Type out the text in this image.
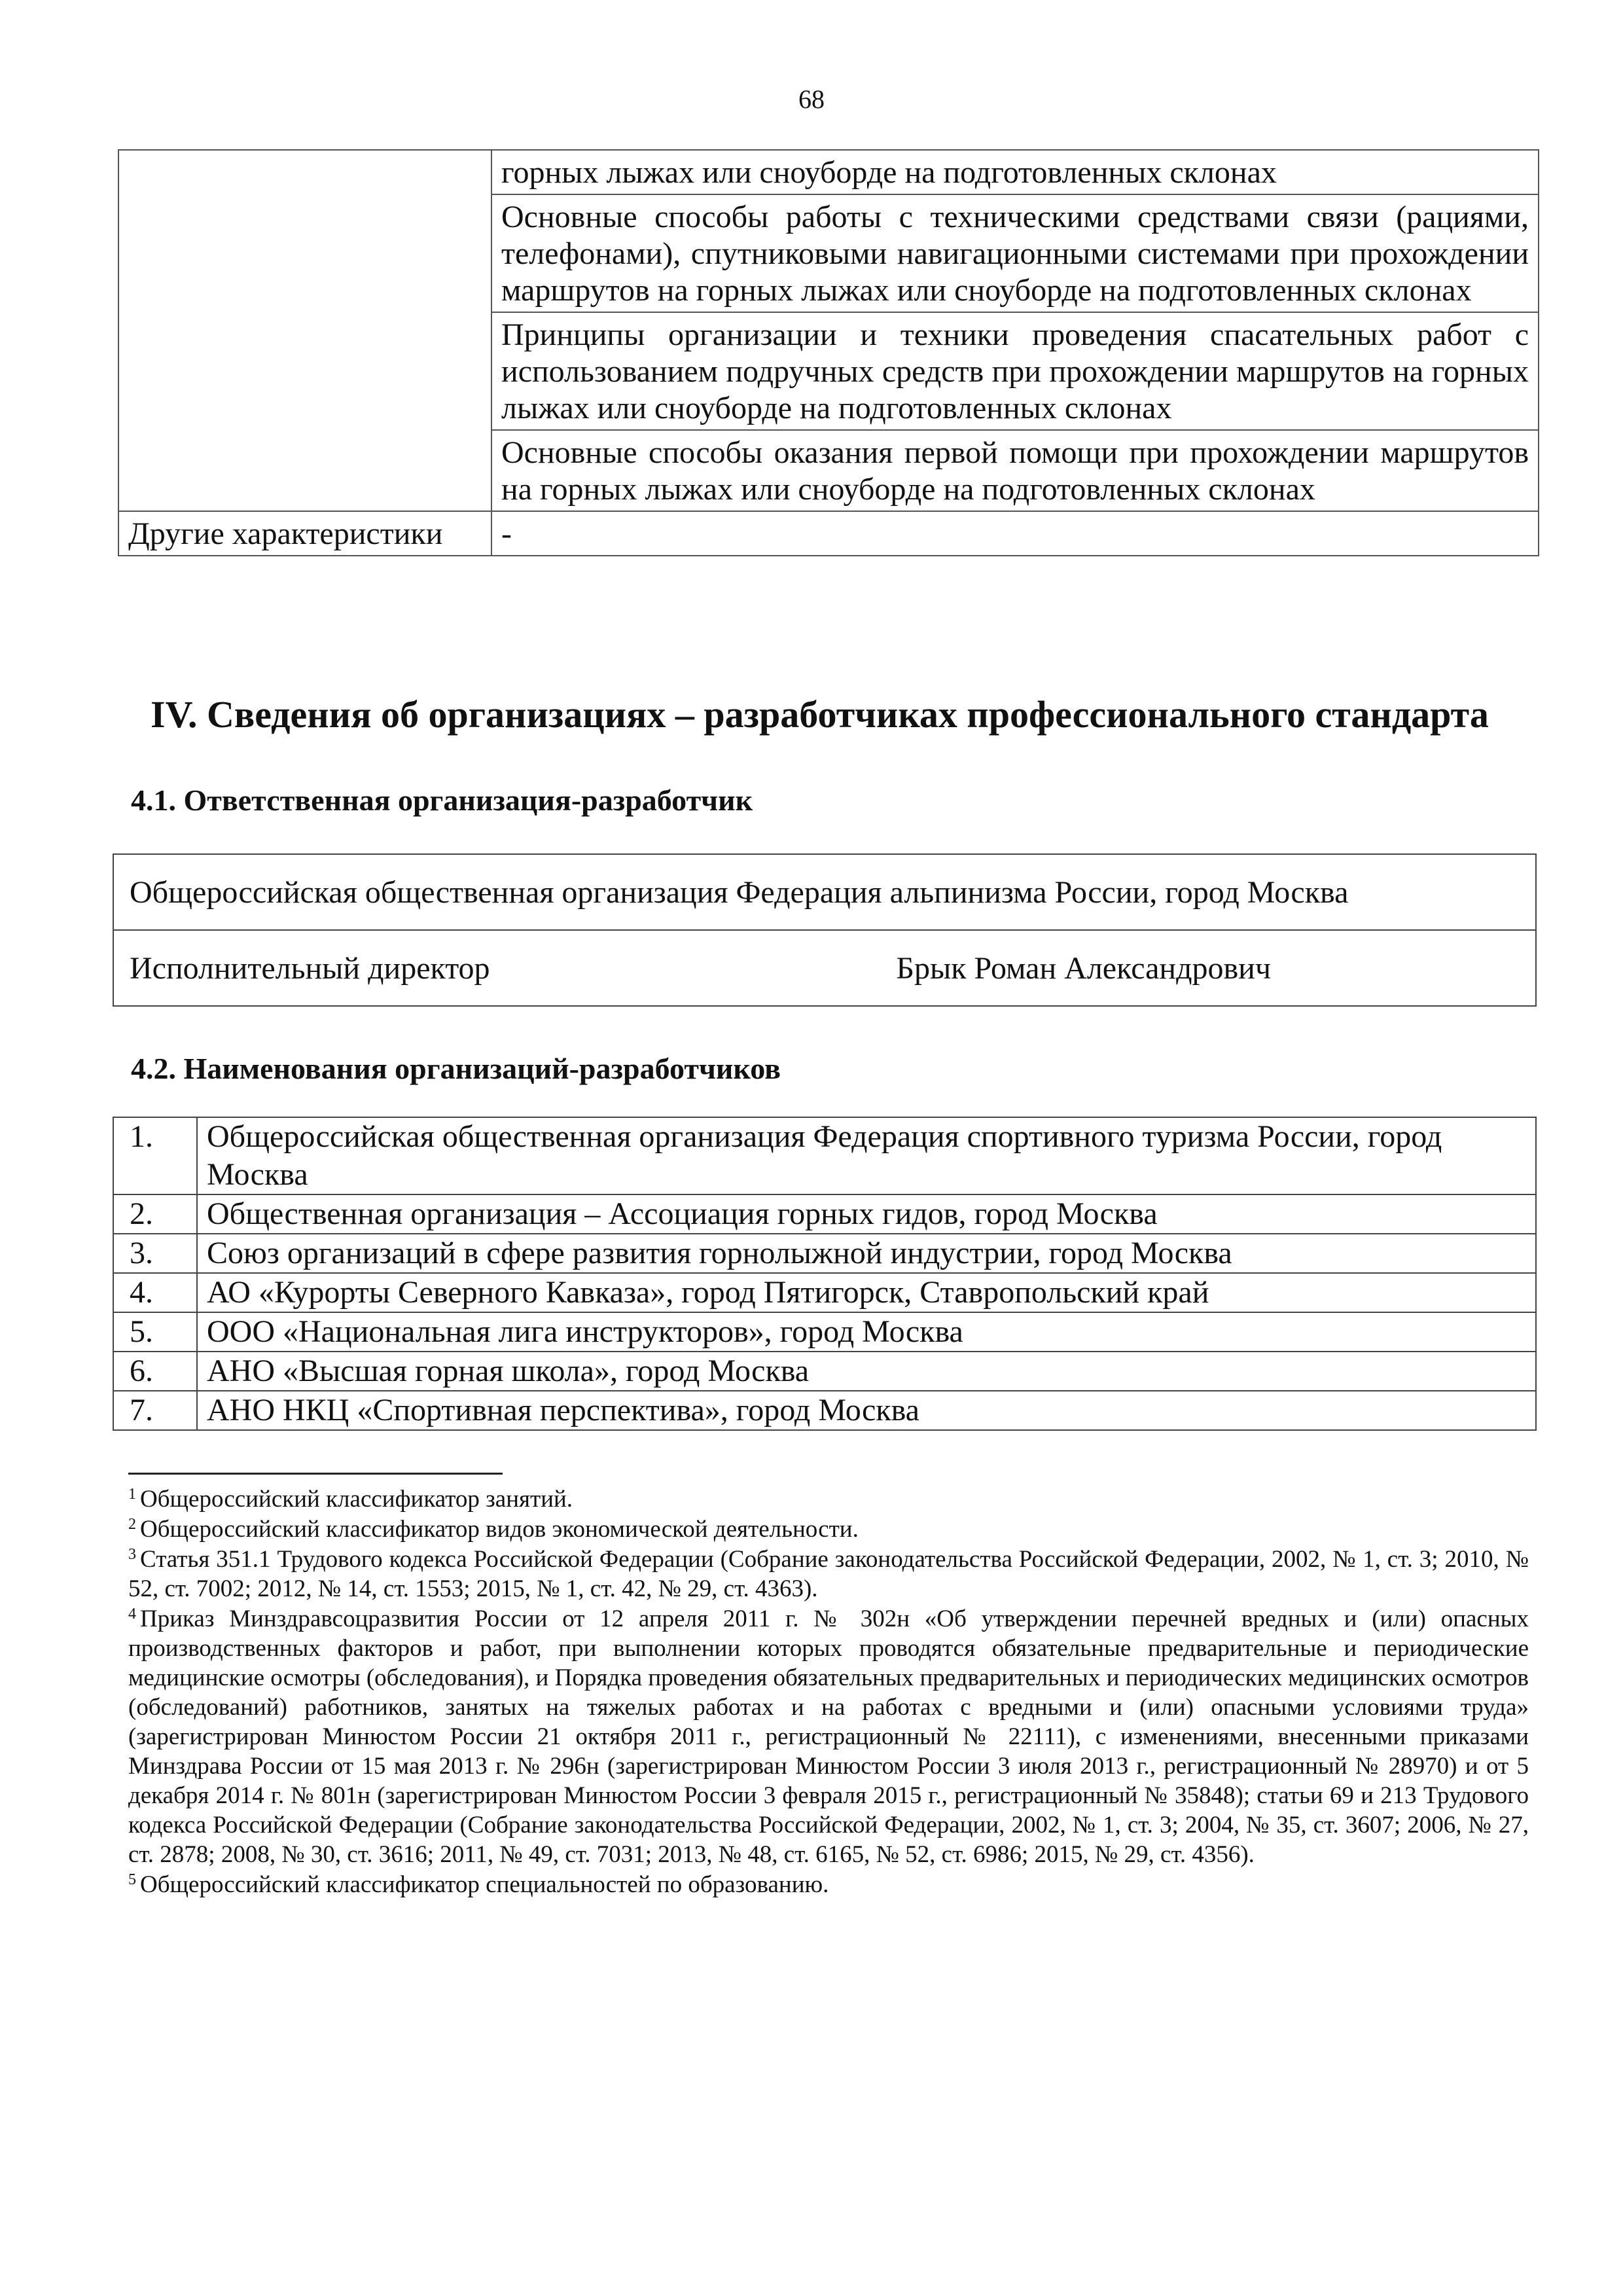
68
	горных лыжах или сноуборде на подготовленных склонах
	Основные способы работы с техническими средствами связи (рациями, телефонами), спутниковыми навигационными системами при прохождении маршрутов на горных лыжах или сноуборде на подготовленных склонах
	Принципы организации и техники проведения спасательных работ с использованием подручных средств при прохождении маршрутов на горных лыжах или сноуборде на подготовленных склонах
	Основные способы оказания первой помощи при прохождении маршрутов на горных лыжах или сноуборде на подготовленных склонах
Другие характеристики	-
IV. Сведения об организациях – разработчиках профессионального стандарта
4.1. Ответственная организация-разработчик
Общероссийская общественная организация Федерация альпинизма России, город Москва

Исполнительный директор	Брык Роман Александрович
4.2. Наименования организаций-разработчиков
1.	Общероссийская общественная организация Федерация спортивного туризма России, город Москва
2.	Общественная организация – Ассоциация горных гидов, город Москва
3.	Союз организаций в сфере развития горнолыжной индустрии, город Москва
4.	АО «Курорты Северного Кавказа», город Пятигорск, Ставропольский край
5.	ООО «Национальная лига инструкторов», город Москва
6.	АНО «Высшая горная школа», город Москва
7.	АНО НКЦ «Спортивная перспектива», город Москва

$^1$ Общероссийский классификатор занятий.

$^2$ Общероссийский классификатор видов экономической деятельности.

$^3$ Статья 351.1 Трудового кодекса Российской Федерации (Собрание законодательства Российской Федерации, 2002, № 1, ст. 3; 2010, № 52, ст. 7002; 2012, № 14, ст. 1553; 2015, № 1, ст. 42, № 29, ст. 4363).

$^4$ Приказ Минздравсоцразвития России от 12 апреля 2011 г. № 302н «Об утверждении перечней вредных и (или) опасных производственных факторов и работ, при выполнении которых проводятся обязательные предварительные и периодические медицинские осмотры (обследования), и Порядка проведения обязательных предварительных и периодических медицинских осмотров (обследований) работников, занятых на тяжелых работах и на работах с вредными и (или) опасными условиями труда» (зарегистрирован Минюстом России 21 октября 2011 г., регистрационный № 22111), с изменениями, внесенными приказами Минздрава России от 15 мая 2013 г. № 296н (зарегистрирован Минюстом России 3 июля 2013 г., регистрационный № 28970) и от 5 декабря 2014 г. № 801н (зарегистрирован Минюстом России 3 февраля 2015 г., регистрационный № 35848); статьи 69 и 213 Трудового кодекса Российской Федерации (Собрание законодательства Российской Федерации, 2002, № 1, ст. 3; 2004, № 35, ст. 3607; 2006, № 27, ст. 2878; 2008, № 30, ст. 3616; 2011, № 49, ст. 7031; 2013, № 48, ст. 6165, № 52, ст. 6986; 2015, № 29, ст. 4356).

$^5$ Общероссийский классификатор специальностей по образованию.
